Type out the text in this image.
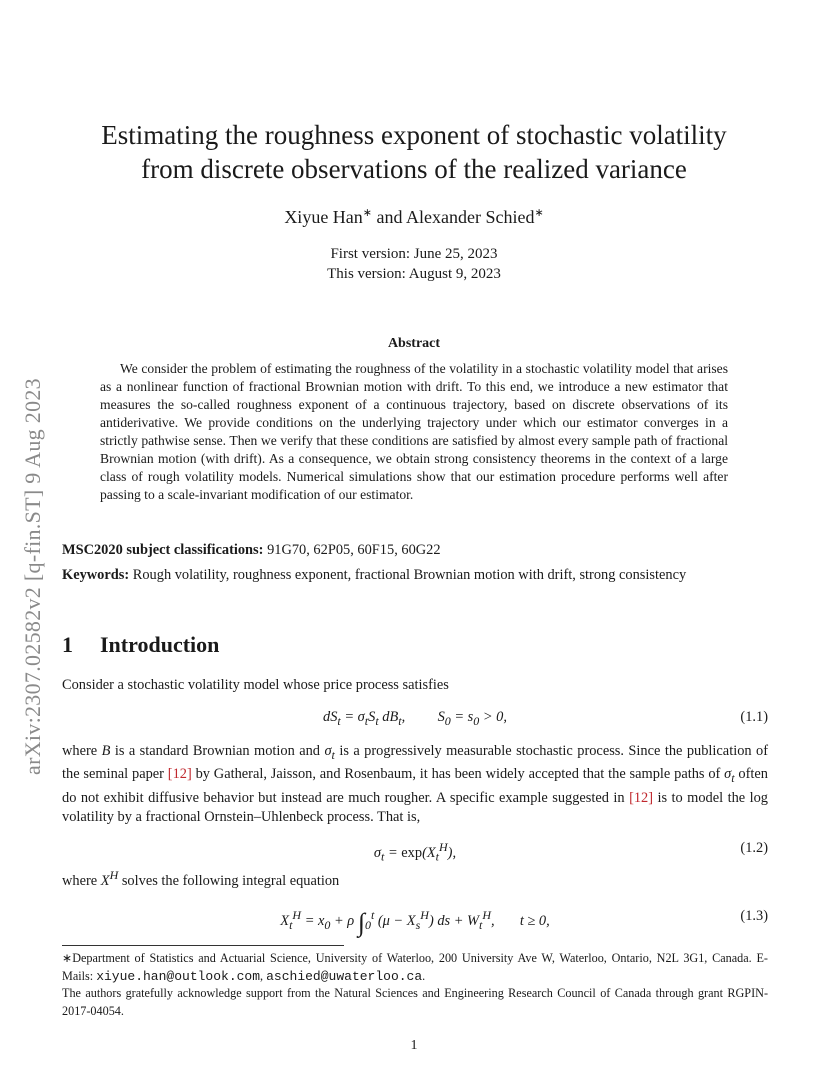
arXiv:2307.02582v2 [q-fin.ST] 9 Aug 2023
Estimating the roughness exponent of stochastic volatility
from discrete observations of the realized variance
Xiyue Han∗ and Alexander Schied∗
First version: June 25, 2023
This version: August 9, 2023
Abstract
We consider the problem of estimating the roughness of the volatility in a stochastic volatility model that arises as a nonlinear function of fractional Brownian motion with drift. To this end, we introduce a new estimator that measures the so-called roughness exponent of a continuous trajectory, based on discrete observations of its antiderivative. We provide conditions on the underlying trajectory under which our estimator converges in a strictly pathwise sense. Then we verify that these conditions are satisfied by almost every sample path of fractional Brownian motion (with drift). As a consequence, we obtain strong consistency theorems in the context of a large class of rough volatility models. Numerical simulations show that our estimation procedure performs well after passing to a scale-invariant modification of our estimator.
MSC2020 subject classifications: 91G70, 62P05, 60F15, 60G22
Keywords: Rough volatility, roughness exponent, fractional Brownian motion with drift, strong consistency
1 Introduction
Consider a stochastic volatility model whose price process satisfies
$dS_t = \sigma_tS_t$ $dB_t$,         $S_0 = s_0 > 0$,	(1.1)
where B is a standard Brownian motion and $\sigma_t$ is a progressively measurable stochastic process. Since the publication of the seminal paper [12] by Gatheral, Jaisson, and Rosenbaum, it has been widely accepted that the sample paths of $\sigma_t$ often do not exhibit diffusive behavior but instead are much rougher. A specific example suggested in [12] is to model the log volatility by a fractional Ornstein–Uhlenbeck process. That is,
$\sigma_t = \exp(X_t^H)$,	(1.2)
where $X^H$ solves the following integral equation
$X_t^H = x_0 + \rho$ $\int_0^t$ $(\mu - X_s^H)$ ds + $W_t^H$,       t ≥ 0,	(1.3)
∗Department of Statistics and Actuarial Science, University of Waterloo, 200 University Ave W, Waterloo, Ontario, N2L 3G1, Canada. E-Mails: xiyue.han@outlook.com, aschied@uwaterloo.ca.
The authors gratefully acknowledge support from the Natural Sciences and Engineering Research Council of Canada through grant RGPIN-2017-04054.
1
